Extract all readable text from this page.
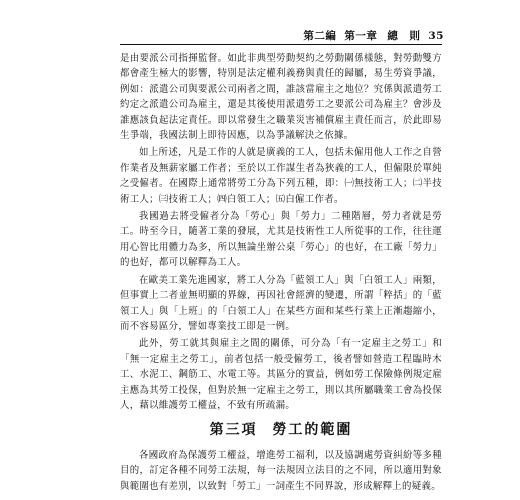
第二編 第一章 總　則 35

是由要派公司指揮監督。如此非典型勞動契約之勞動關係樣態，對勞動雙方都會產生極大的影響，特別是法定權利義務與責任的歸屬，易生勞資爭議，例如：派遣公司與要派公司兩者之間，誰該當雇主之地位？究係與派遣勞工約定之派遣公司為雇主，還是其後使用派遣勞工之要派公司為雇主？會涉及誰應該負起法定責任。即以常發生之職業災害補償雇主責任而言，於此即易生爭端，我國法制上即待因應，以為爭議解決之依據。

如上所述，凡是工作的人就是廣義的工人，包括未僱用他人工作之自營作業者及無薪家屬工作者；至於以工作謀生者為狹義的工人，但僱限於單純之受僱者。在國際上通常將勞工分為下列五種，即：㈠無技術工人；㈡半技術工人；㈢技術工人；㈣白領工人；㈤白僱工作者。

我國過去將受僱者分為「勞心」與「勞力」二種階層，勞力者就是勞工。時至今日，隨著工業的發展，尤其是技術性工人所從事的工作，往往運用心智比用體力為多，所以無論坐辦公桌「勞心」的也好，在工廠「勞力」的也好，都可以解釋為工人。

在歐美工業先進國家，將工人分為「藍領工人」與「白領工人」兩類，但事實上二者並無明顯的界線，再因社會經濟的變遷，所謂「粹括」的「藍領工人」與「上班」的「白領工人」在某些方面和某些行業上正漸趨縮小，而不容易區分，譬如專業技工即是一例。

此外，勞工就其與雇主之間的關係，可分為「有一定雇主之勞工」和「無一定雇主之勞工」，前者包括一般受僱勞工，後者譬如營造工程臨時木工、水泥工、鋼筋工、水電工等。其區分的實益，例如勞工保險條例規定雇主應為其勞工投保，但對於無一定雇主之勞工，則以其所屬職業工會為投保人，藉以維護勞工權益，不致有所疏漏。

第三項 勞工的範圍

各國政府為保護勞工權益，增進勞工福利，以及協調處勞資糾紛等多種目的，訂定各種不同勞工法規，每一法規因立法目的之不同，所以適用對象與範圍也有差別，以致對「勞工」一詞產生不同界說，形成解釋上的疑義。
